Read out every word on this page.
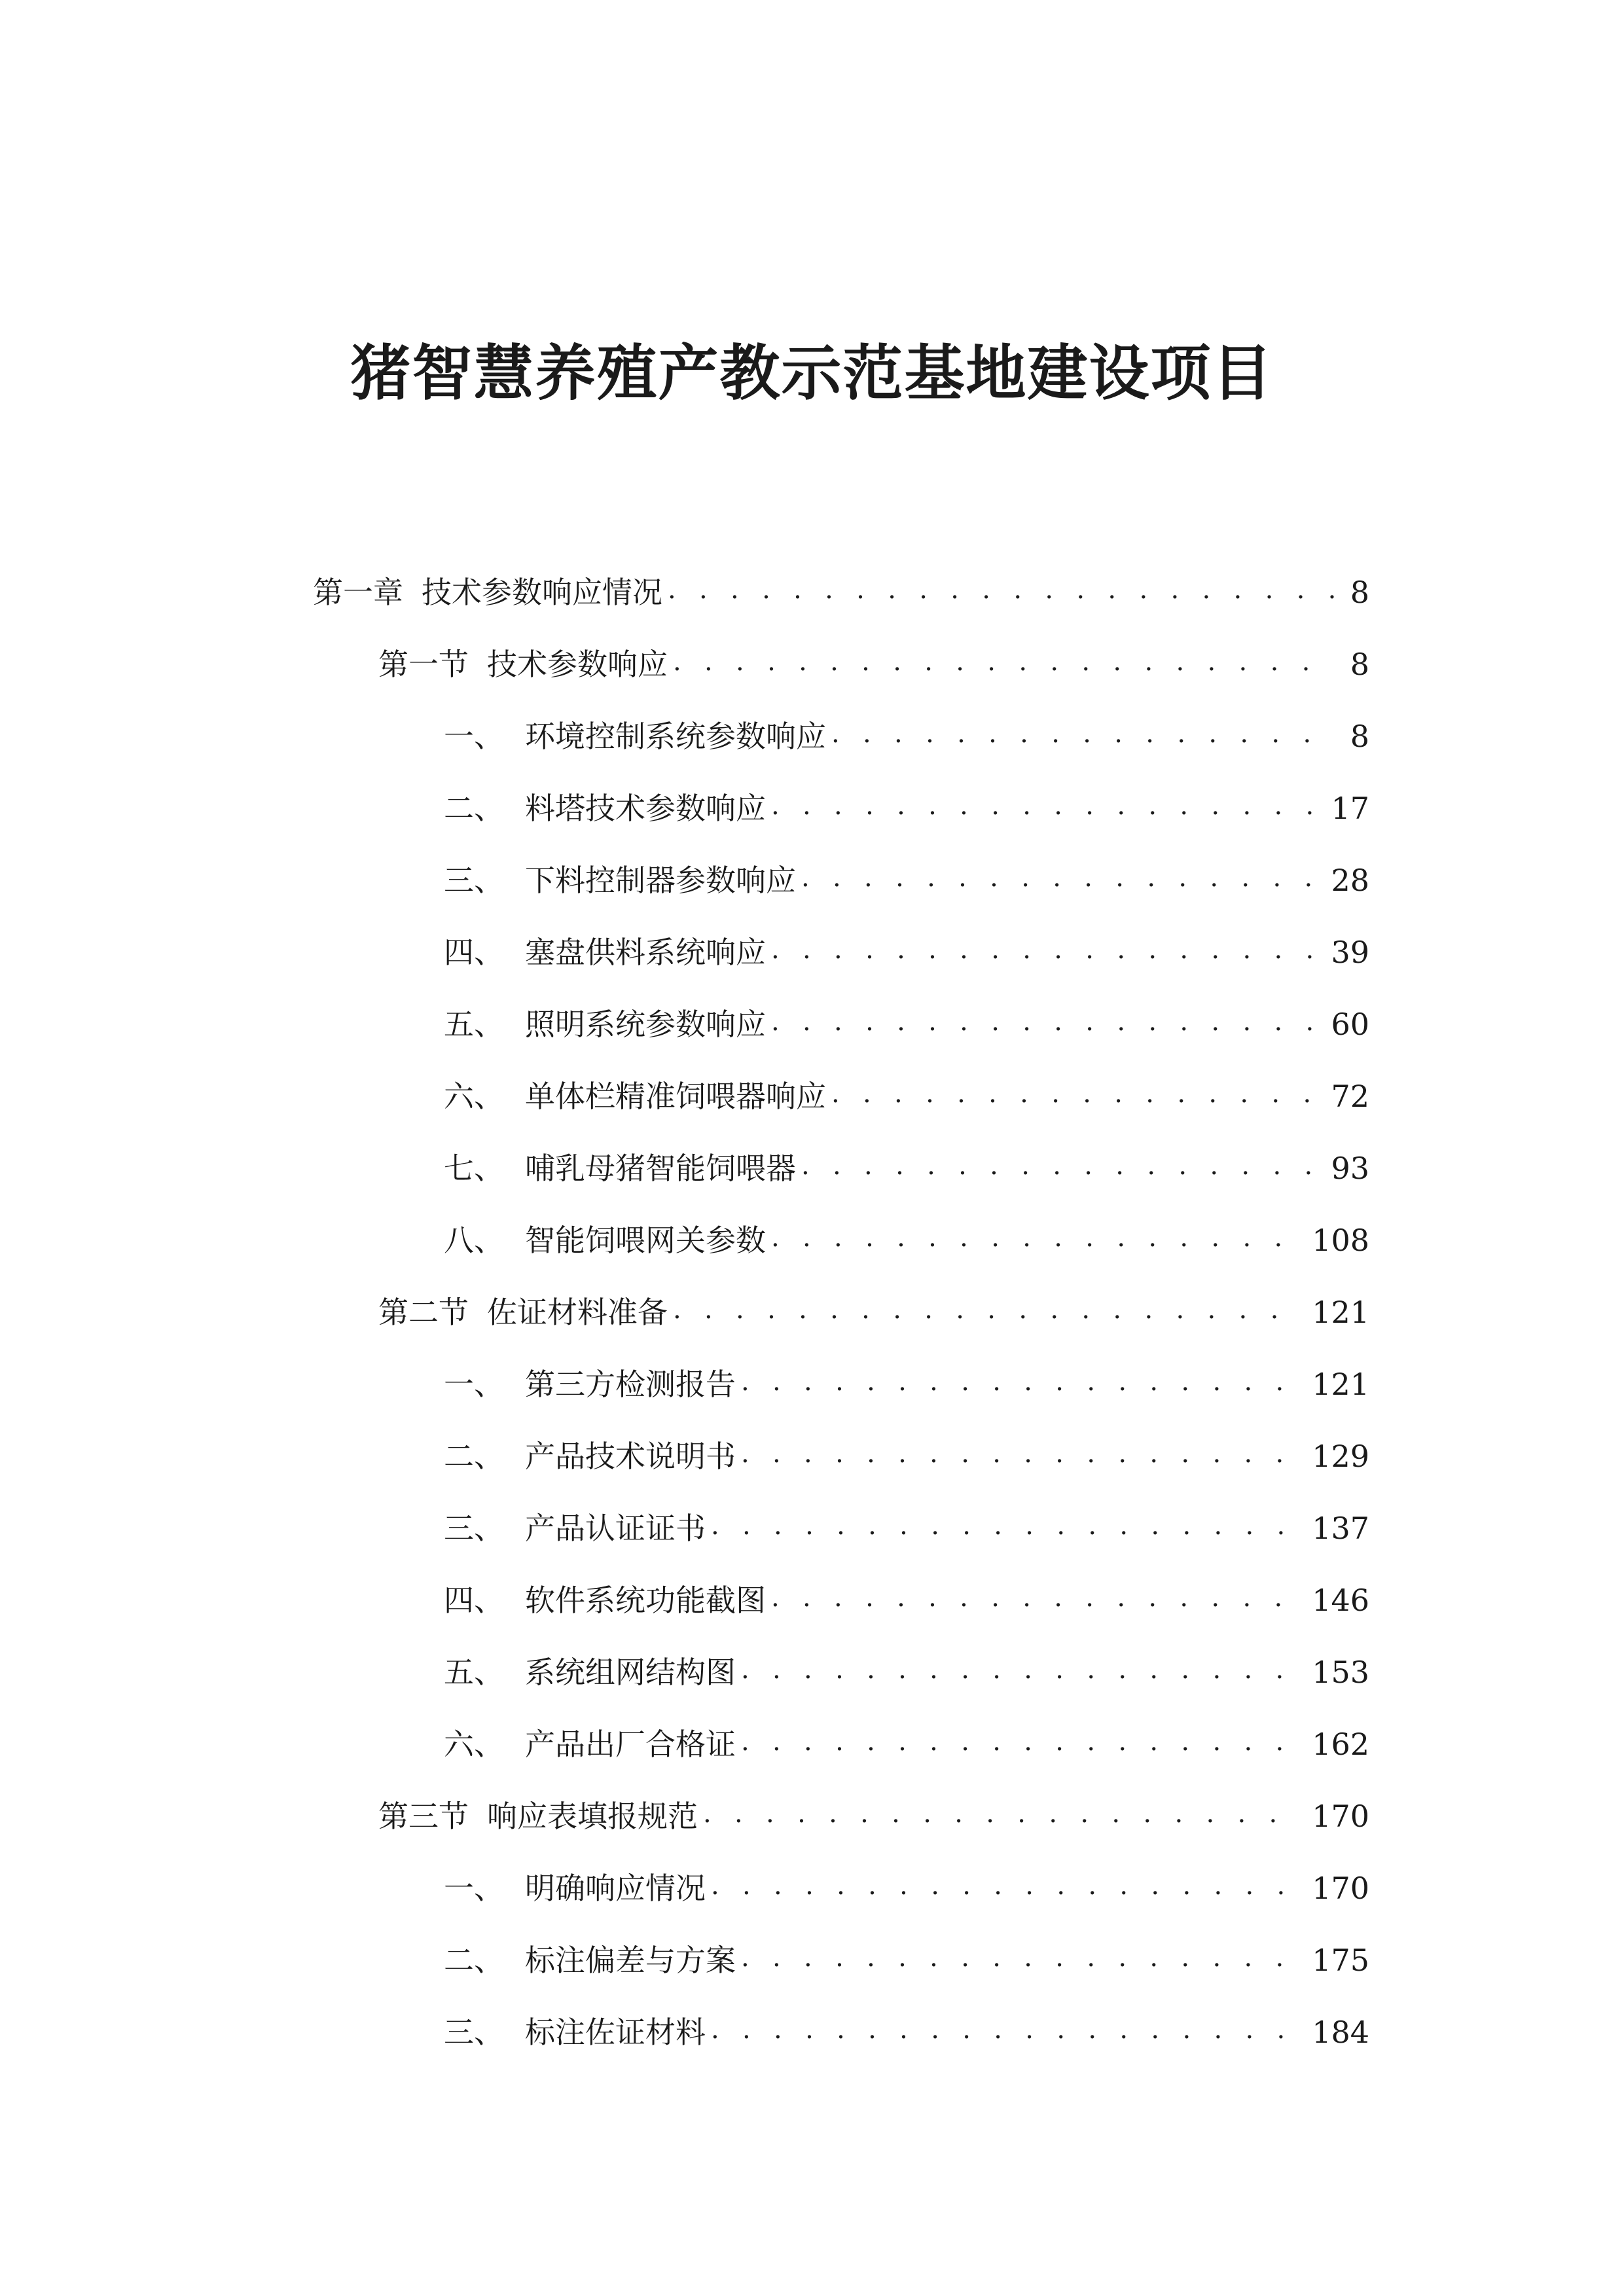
猪智慧养殖产教示范基地建设项目
第一章 技术参数响应情况 . . .	8
第一节 技术参数响应 . . .	8
一、 环境控制系统参数响应 . . .	8
二、 料塔技术参数响应 . . .	17
三、 下料控制器参数响应 . . .	28
四、 塞盘供料系统响应 . . .	39
五、 照明系统参数响应 . . .	60
六、 单体栏精准饲喂器响应 . . .	72
七、 哺乳母猪智能饲喂器 . . .	93
八、 智能饲喂网关参数 . . .	108
第二节 佐证材料准备 . . .	121
一、 第三方检测报告 . . .	121
二、 产品技术说明书 . . .	129
三、 产品认证证书 . . .	137
四、 软件系统功能截图 . . .	146
五、 系统组网结构图 . . .	153
六、 产品出厂合格证 . . .	162
第三节 响应表填报规范 . . .	170
一、 明确响应情况 . . .	170
二、 标注偏差与方案 . . .	175
三、 标注佐证材料 . . .	184
